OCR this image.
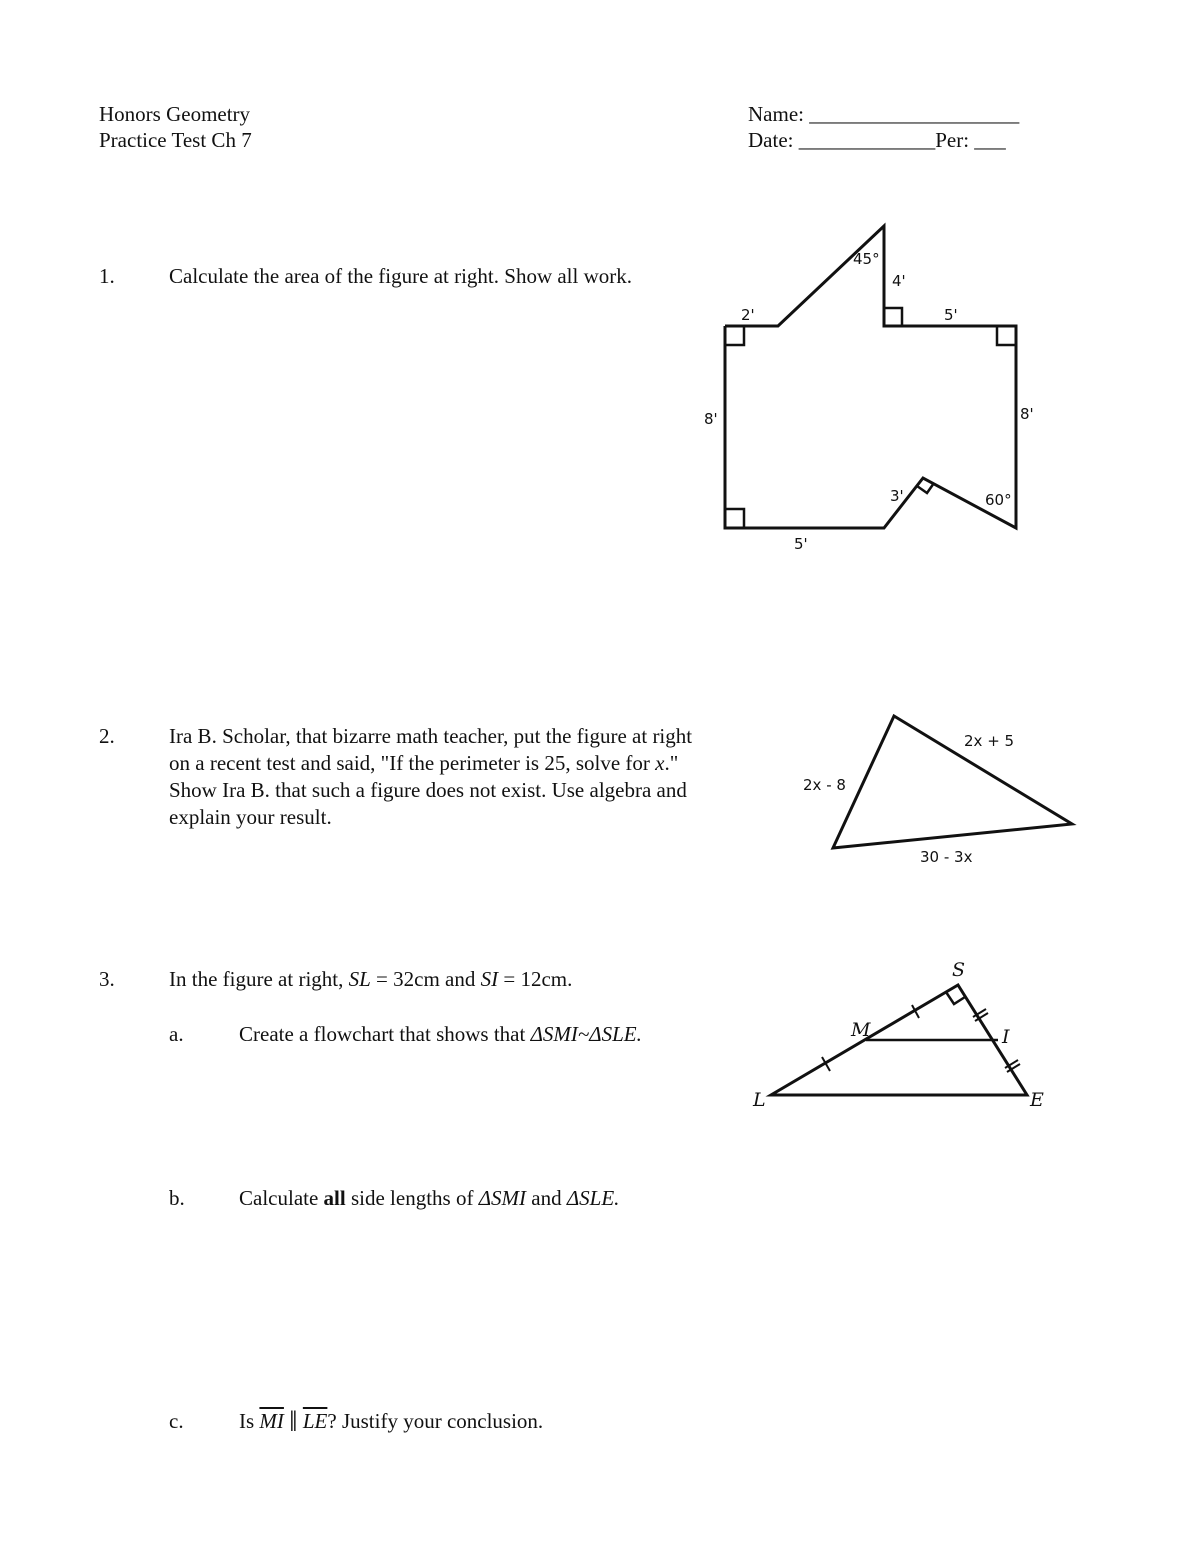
Honors Geometry
Practice Test Ch 7
Name: ____________________
Date: _____________Per: ___
1.	Calculate the area of the figure at right. Show all work.
45°
4'
2'	5'
8'	8'
3'	60°
5'
2.	Ira B. Scholar, that bizarre math teacher, put the figure at right
on a recent test and said, "If the perimeter is 25, solve for x."
Show Ira B. that such a figure does not exist. Use algebra and
explain your result.
2x - 8
2x + 5
30 - 3x
3.	In the figure at right, SL = 32cm and SI = 12cm.
a.	Create a flowchart that shows that ΔSMI~ΔSLE.
b.	Calculate all side lengths of ΔSMI and ΔSLE.
c.	Is $\overline{MI}$ ‖ $\overline{LE}$? Justify your conclusion.
S
M	I
L	E
